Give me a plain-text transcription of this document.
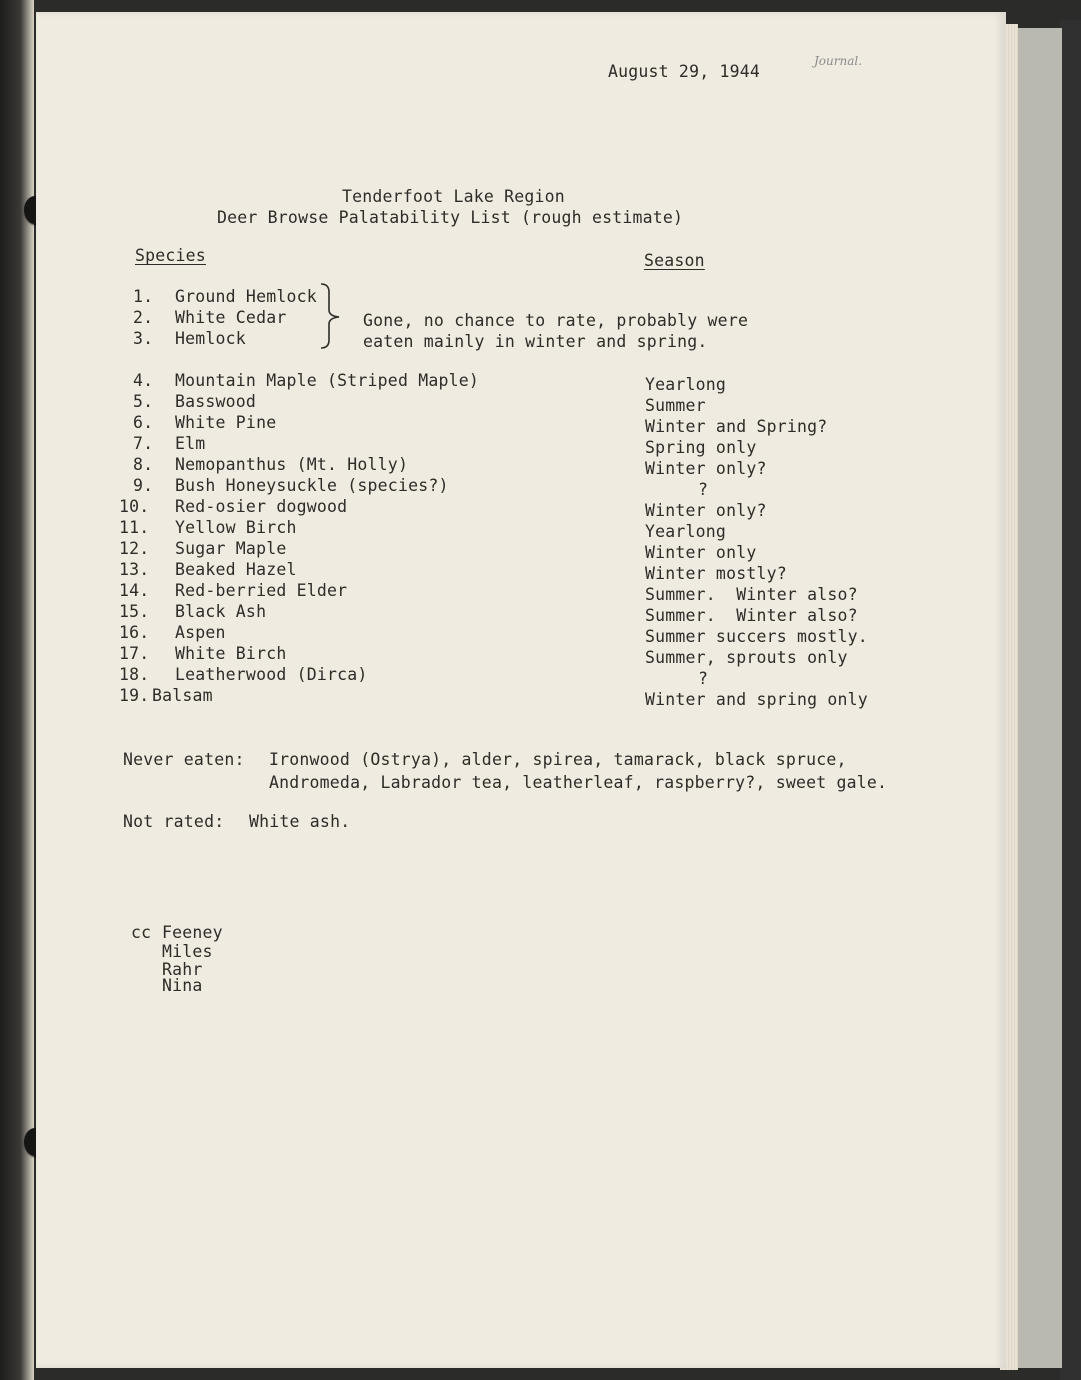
August 29, 1944
Journal.
Tenderfoot Lake Region
Deer Browse Palatability List (rough estimate)
Species	Season
1. Ground Hemlock
2. White Cedar
3. Hemlock
4. Mountain Maple (Striped Maple)	Yearlong
5. Basswood	Summer
6. White Pine	Winter and Spring?
7. Elm	Spring only
8. Nemopanthus (Mt. Holly)	Winter only?
9. Bush Honeysuckle (species?)	?
10. Red-osier dogwood	Winter only?
11. Yellow Birch	Yearlong
12. Sugar Maple	Winter only
13. Beaked Hazel	Winter mostly?
14. Red-berried Elder	Summer.  Winter also?
15. Black Ash	Summer.  Winter also?
16. Aspen	Summer succers mostly.
17. White Birch	Summer, sprouts only
18. Leatherwood (Dirca)	?
19. Balsam	Winter and spring only
Gone, no chance to rate, probably were
eaten mainly in winter and spring.
Never eaten: Ironwood (Ostrya), alder, spirea, tamarack, black spruce,
Andromeda, Labrador tea, leatherleaf, raspberry?, sweet gale.
Not rated: White ash.
cc Feeney
Miles
Rahr
Nina
